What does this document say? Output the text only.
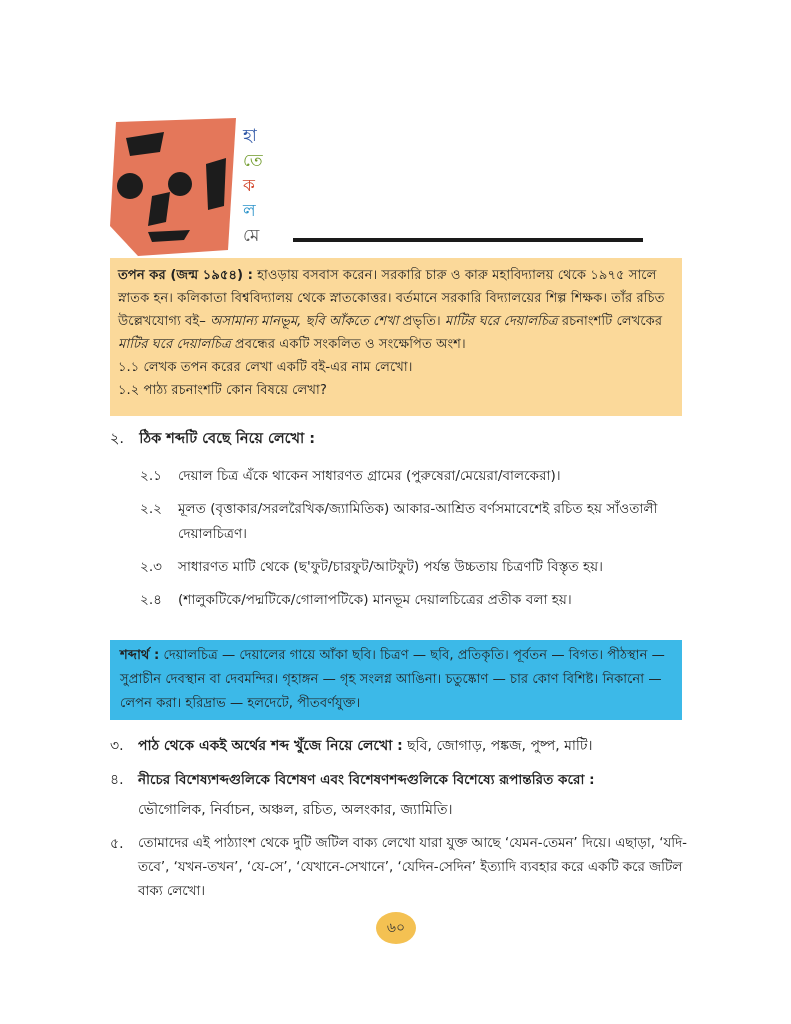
হা
তে
ক
ল
মে

তপন কর (জন্ম ১৯৫৪) : হাওড়ায় বসবাস করেন। সরকারি চারু ও কারু মহাবিদ্যালয় থেকে ১৯৭৫ সালে স্নাতক হন। কলিকাতা বিশ্ববিদ্যালয় থেকে স্নাতকোত্তর। বর্তমানে সরকারি বিদ্যালয়ের শিল্প শিক্ষক। তাঁর রচিত উল্লেখযোগ্য বই– অসামান্য মানভূম, ছবি আঁকতে শেখা প্রভৃতি। মাটির ঘরে দেয়ালচিত্র রচনাংশটি লেখকের মাটির ঘরে দেয়ালচিত্র প্রবন্ধের একটি সংকলিত ও সংক্ষেপিত অংশ।

১.১ লেখক তপন করের লেখা একটি বই-এর নাম লেখো।

১.২ পাঠ্য রচনাংশটি কোন বিষয়ে লেখা?

২. ঠিক শব্দটি বেছে নিয়ে লেখো :
২.১ দেয়াল চিত্র এঁকে থাকেন সাধারণত গ্রামের (পুরুষেরা/মেয়েরা/বালকেরা)।
২.২ মূলত (বৃত্তাকার/সরলরৈখিক/জ্যামিতিক) আকার-আশ্রিত বর্ণসমাবেশেই রচিত হয় সাঁওতালী দেয়ালচিত্রণ।
২.৩ সাধারণত মাটি থেকে (ছ'ফুট/চারফুট/আটফুট) পর্যন্ত উচ্চতায় চিত্রণটি বিস্তৃত হয়।
২.৪ (শালুকটিকে/পদ্মটিকে/গোলাপটিকে) মানভূম দেয়ালচিত্রের প্রতীক বলা হয়।

শব্দার্থ : দেয়ালচিত্র — দেয়ালের গায়ে আঁকা ছবি। চিত্রণ — ছবি, প্রতিকৃতি। পূর্বতন — বিগত। পীঠস্থান — সুপ্রাচীন দেবস্থান বা দেবমন্দির। গৃহাঙ্গন — গৃহ সংলগ্ন আঙিনা। চতুষ্কোণ — চার কোণ বিশিষ্ট। নিকানো — লেপন করা। হরিদ্রাভ — হলদেটে, পীতবর্ণযুক্ত।

৩.	পাঠ থেকে একই অর্থের শব্দ খুঁজে নিয়ে লেখো : ছবি, জোগাড়, পঙ্কজ, পুষ্প, মাটি।
৪. নীচের বিশেষ্যশব্দগুলিকে বিশেষণ এবং বিশেষণশব্দগুলিকে বিশেষ্যে রূপান্তরিত করো :
ভৌগোলিক, নির্বাচন, অঞ্চল, রচিত, অলংকার, জ্যামিতি।
৫.	তোমাদের এই পাঠ্যাংশ থেকে দুটি জটিল বাক্য লেখো যারা যুক্ত আছে ‘যেমন-তেমন’ দিয়ে। এছাড়া, ‘যদি-তবে’, ‘যখন-তখন’, ‘যে-সে’, ‘যেখানে-সেখানে’, ‘যেদিন-সেদিন’ ইত্যাদি ব্যবহার করে একটি করে জটিল বাক্য লেখো।
৬০
